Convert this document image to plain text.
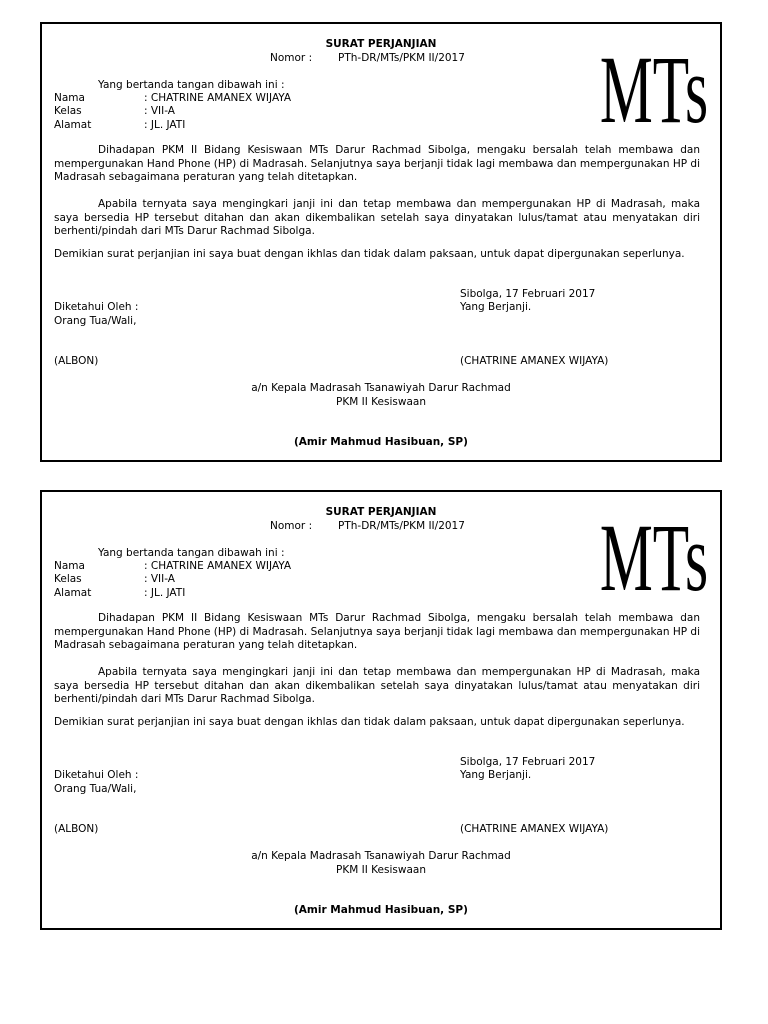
SURAT PERJANJIAN
Nomor : PTh-DR/MTs/PKM II/2017 MTs
Yang bertanda tangan dibawah ini :
Nama	: CHATRINE AMANEX WIJAYA
Kelas	: VII-A
Alamat	: JL. JATI
Dihadapan PKM II Bidang Kesiswaan MTs Darur Rachmad Sibolga, mengaku bersalah telah membawa dan mempergunakan Hand Phone (HP) di Madrasah. Selanjutnya saya berjanji tidak lagi membawa dan mempergunakan HP di Madrasah sebagaimana peraturan yang telah ditetapkan.
Apabila ternyata saya mengingkari janji ini dan tetap membawa dan mempergunakan HP di Madrasah, maka saya bersedia HP tersebut ditahan dan akan dikembalikan setelah saya dinyatakan lulus/tamat atau menyatakan diri berhenti/pindah dari MTs Darur Rachmad Sibolga.
Demikian surat perjanjian ini saya buat dengan ikhlas dan tidak dalam paksaan, untuk dapat dipergunakan seperlunya.
Sibolga, 17 Februari 2017
Diketahui Oleh :	Yang Berjanji.
Orang Tua/Wali,
(ALBON)	(CHATRINE AMANEX WIJAYA)
a/n Kepala Madrasah Tsanawiyah Darur Rachmad
PKM II Kesiswaan
(Amir Mahmud Hasibuan, SP)
SURAT PERJANJIAN
Nomor : PTh-DR/MTs/PKM II/2017 MTs
Yang bertanda tangan dibawah ini :
Nama	: CHATRINE AMANEX WIJAYA
Kelas	: VII-A
Alamat	: JL. JATI
Dihadapan PKM II Bidang Kesiswaan MTs Darur Rachmad Sibolga, mengaku bersalah telah membawa dan mempergunakan Hand Phone (HP) di Madrasah. Selanjutnya saya berjanji tidak lagi membawa dan mempergunakan HP di Madrasah sebagaimana peraturan yang telah ditetapkan.
Apabila ternyata saya mengingkari janji ini dan tetap membawa dan mempergunakan HP di Madrasah, maka saya bersedia HP tersebut ditahan dan akan dikembalikan setelah saya dinyatakan lulus/tamat atau menyatakan diri berhenti/pindah dari MTs Darur Rachmad Sibolga.
Demikian surat perjanjian ini saya buat dengan ikhlas dan tidak dalam paksaan, untuk dapat dipergunakan seperlunya.
Sibolga, 17 Februari 2017
Diketahui Oleh :	Yang Berjanji.
Orang Tua/Wali,
(ALBON)	(CHATRINE AMANEX WIJAYA)
a/n Kepala Madrasah Tsanawiyah Darur Rachmad
PKM II Kesiswaan
(Amir Mahmud Hasibuan, SP)
